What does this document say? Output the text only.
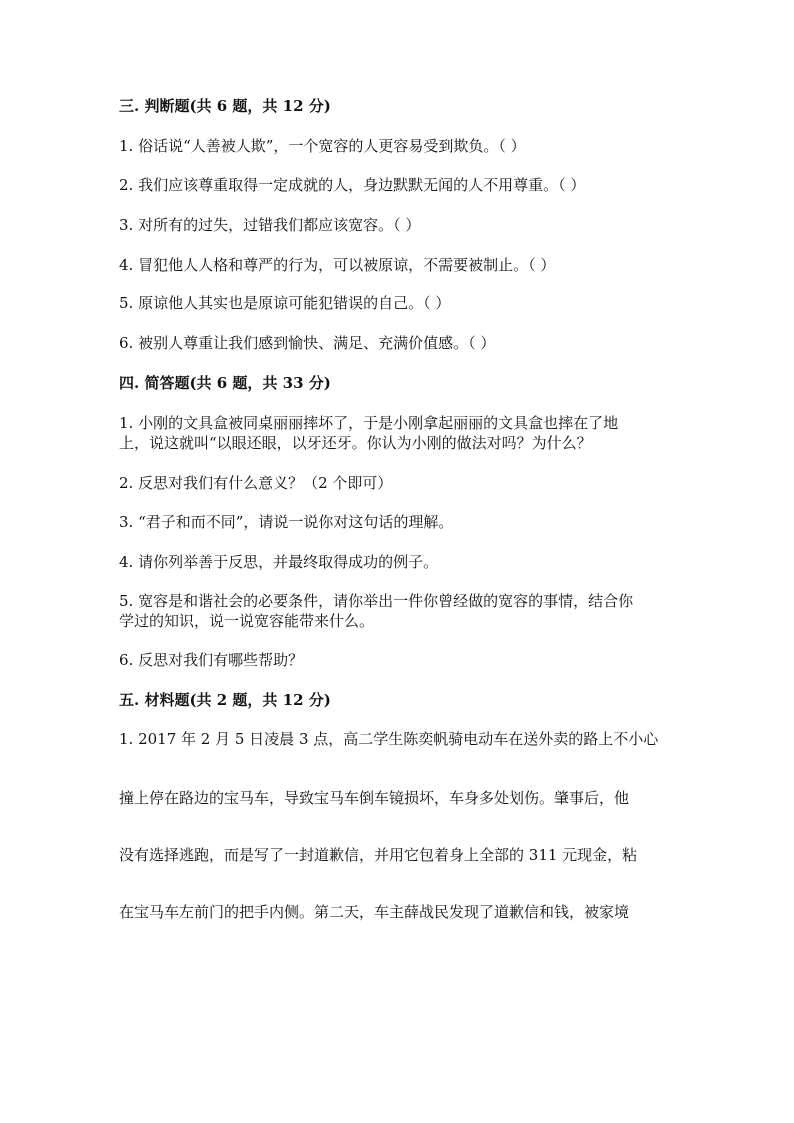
三. 判断题(共 6 题，共 12 分)
1. 俗话说“人善被人欺”，一个宽容的人更容易受到欺负。（ ）
2. 我们应该尊重取得一定成就的人，身边默默无闻的人不用尊重。（ ）
3. 对所有的过失，过错我们都应该宽容。（ ）
4. 冒犯他人人格和尊严的行为，可以被原谅，不需要被制止。（ ）
5. 原谅他人其实也是原谅可能犯错误的自己。（ ）
6. 被别人尊重让我们感到愉快、满足、充满价值感。（ ）
四. 简答题(共 6 题，共 33 分)
1. 小刚的文具盒被同桌丽丽摔坏了，于是小刚拿起丽丽的文具盒也摔在了地
上，说这就叫“以眼还眼，以牙还牙。你认为小刚的做法对吗？为什么？
2. 反思对我们有什么意义？（2 个即可）
3. “君子和而不同”，请说一说你对这句话的理解。
4. 请你列举善于反思，并最终取得成功的例子。
5. 宽容是和谐社会的必要条件，请你举出一件你曾经做的宽容的事情，结合你
学过的知识，说一说宽容能带来什么。
6. 反思对我们有哪些帮助？
五. 材料题(共 2 题，共 12 分)
1. 2017 年 2 月 5 日凌晨 3 点，高二学生陈奕帆骑电动车在送外卖的路上不小心
撞上停在路边的宝马车，导致宝马车倒车镜损坏，车身多处划伤。肇事后，他
没有选择逃跑，而是写了一封道歉信，并用它包着身上全部的 311 元现金，粘
在宝马车左前门的把手内侧。第二天，车主薛战民发现了道歉信和钱，被家境
